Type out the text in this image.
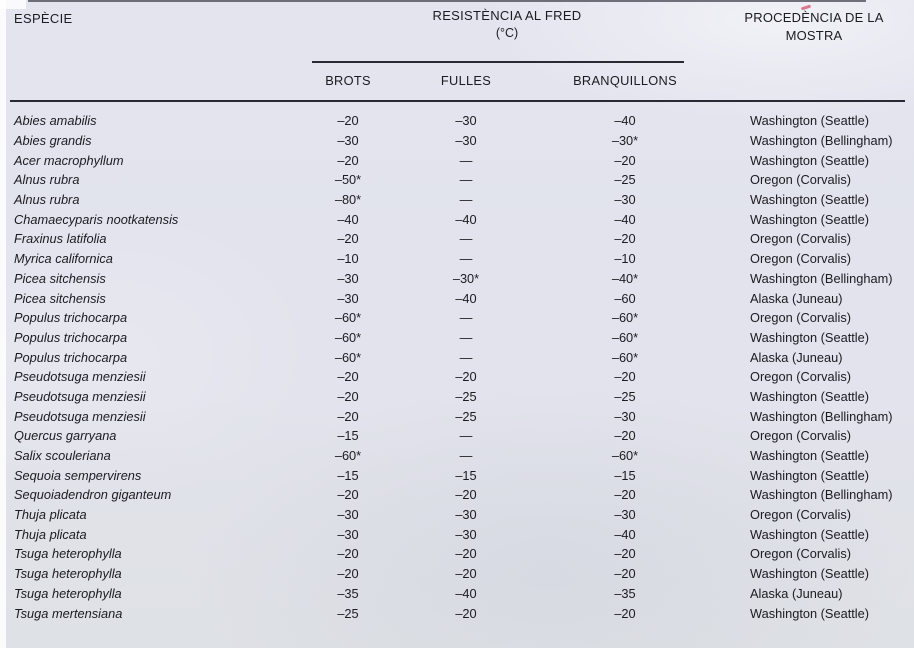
ESPÈCIE	RESISTÈNCIA AL FRED
(°C)
BROTS	FULLES	BRANQUILLONS
PROCEDÈNCIA DE LA
MOSTRA
Abies amabilis	–20	–30	–40	Washington (Seattle)
Abies grandis	–30	–30	–30*	Washington (Bellingham)
Acer macrophyllum	–20	—	–20	Washington (Seattle)
Alnus rubra	–50*	—	–25	Oregon (Corvalis)
Alnus rubra	–80*	—	–30	Washington (Seattle)
Chamaecyparis nootkatensis	–40	–40	–40	Washington (Seattle)
Fraxinus latifolia	–20	—	–20	Oregon (Corvalis)
Myrica californica	–10	—	–10	Oregon (Corvalis)
Picea sitchensis	–30	–30*	–40*	Washington (Bellingham)
Picea sitchensis	–30	–40	–60	Alaska (Juneau)
Populus trichocarpa	–60*	—	–60*	Oregon (Corvalis)
Populus trichocarpa	–60*	—	–60*	Washington (Seattle)
Populus trichocarpa	–60*	—	–60*	Alaska (Juneau)
Pseudotsuga menziesii	–20	–20	–20	Oregon (Corvalis)
Pseudotsuga menziesii	–20	–25	–25	Washington (Seattle)
Pseudotsuga menziesii	–20	–25	–30	Washington (Bellingham)
Quercus garryana	–15	—	–20	Oregon (Corvalis)
Salix scouleriana	–60*	—	–60*	Washington (Seattle)
Sequoia sempervirens	–15	–15	–15	Washington (Seattle)
Sequoiadendron giganteum	–20	–20	–20	Washington (Bellingham)
Thuja plicata	–30	–30	–30	Oregon (Corvalis)
Thuja plicata	–30	–30	–40	Washington (Seattle)
Tsuga heterophylla	–20	–20	–20	Oregon (Corvalis)
Tsuga heterophylla	–20	–20	–20	Washington (Seattle)
Tsuga heterophylla	–35	–40	–35	Alaska (Juneau)
Tsuga mertensiana	–25	–20	–20	Washington (Seattle)
